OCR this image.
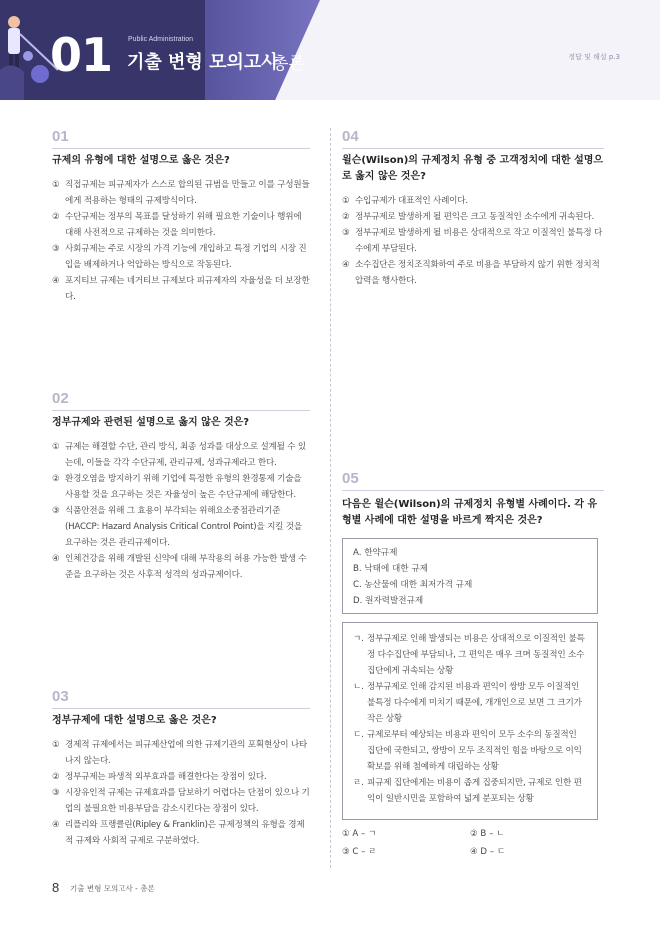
01 Public Administration
기출 변형 모의고사
총론	정답 및 해설 p.3
01
규제의 유형에 대한 설명으로 옳은 것은?
① 직접규제는 피규제자가 스스로 합의된 규범을 만들고 이를 구성원들에게 적용하는 형태의 규제방식이다.
② 수단규제는 정부의 목표를 달성하기 위해 필요한 기술이나 행위에 대해 사전적으로 규제하는 것을 의미한다.
③ 사회규제는 주로 시장의 가격 기능에 개입하고 특정 기업의 시장 진입을 배제하거나 억압하는 방식으로 작동된다.
④ 포지티브 규제는 네거티브 규제보다 피규제자의 자율성을 더 보장한다.
02
정부규제와 관련된 설명으로 옳지 않은 것은?
① 규제는 해결할 수단, 관리 방식, 최종 성과를 대상으로 설계될 수 있는데, 이들을 각각 수단규제, 관리규제, 성과규제라고 한다.
② 환경오염을 방지하기 위해 기업에 특정한 유형의 환경통제 기술을 사용할 것을 요구하는 것은 자율성이 높은 수단규제에 해당한다.
③ 식품안전을 위해 그 효용이 부각되는 위해요소중점관리기준(HACCP: Hazard Analysis Critical Control Point)을 지킬 것을 요구하는 것은 관리규제이다.
④ 인체건강을 위해 개발된 신약에 대해 부작용의 허용 가능한 발생 수준을 요구하는 것은 사후적 성격의 성과규제이다.
03
정부규제에 대한 설명으로 옳은 것은?
① 경제적 규제에서는 피규제산업에 의한 규제기관의 포획현상이 나타나지 않는다.
② 정부규제는 파생적 외부효과를 해결한다는 장점이 있다.
③ 시장유인적 규제는 규제효과를 담보하기 어렵다는 단점이 있으나 기업의 불필요한 비용부담을 감소시킨다는 장점이 있다.
④ 리플리와 프랭클린(Ripley & Franklin)은 규제정책의 유형을 경제적 규제와 사회적 규제로 구분하였다.
04
윌슨(Wilson)의 규제정치 유형 중 고객정치에 대한 설명으로 옳지 않은 것은?
① 수입규제가 대표적인 사례이다.
② 정부규제로 발생하게 될 편익은 크고 동질적인 소수에게 귀속된다.
③ 정부규제로 발생하게 될 비용은 상대적으로 작고 이질적인 불특정 다수에게 부담된다.
④ 소수집단은 정치조직화하여 주로 비용을 부담하지 않기 위한 정치적 압력을 행사한다.
05
다음은 윌슨(Wilson)의 규제정치 유형별 사례이다. 각 유형별 사례에 대한 설명을 바르게 짝지은 것은?
A. 한약규제
B. 낙태에 대한 규제
C. 농산물에 대한 최저가격 규제
D. 원자력발전규제
ㄱ. 정부규제로 인해 발생되는 비용은 상대적으로 이질적인 불특정 다수집단에 부담되나, 그 편익은 매우 크며 동질적인 소수집단에게 귀속되는 상황
ㄴ. 정부규제로 인해 감지된 비용과 편익이 쌍방 모두 이질적인 불특정 다수에게 미치기 때문에, 개개인으로 보면 그 크기가 작은 상황
ㄷ. 규제로부터 예상되는 비용과 편익이 모두 소수의 동질적인 집단에 국한되고, 쌍방이 모두 조직적인 힘을 바탕으로 이익 확보를 위해 첨예하게 대립하는 상황
ㄹ. 피규제 집단에게는 비용이 좁게 집중되지만, 규제로 인한 편익이 일반시민을 포함하여 넓게 분포되는 상황
① A – ㄱ	② B – ㄴ
③ C – ㄹ	④ D – ㄷ
8 기출 변형 모의고사 - 총론
